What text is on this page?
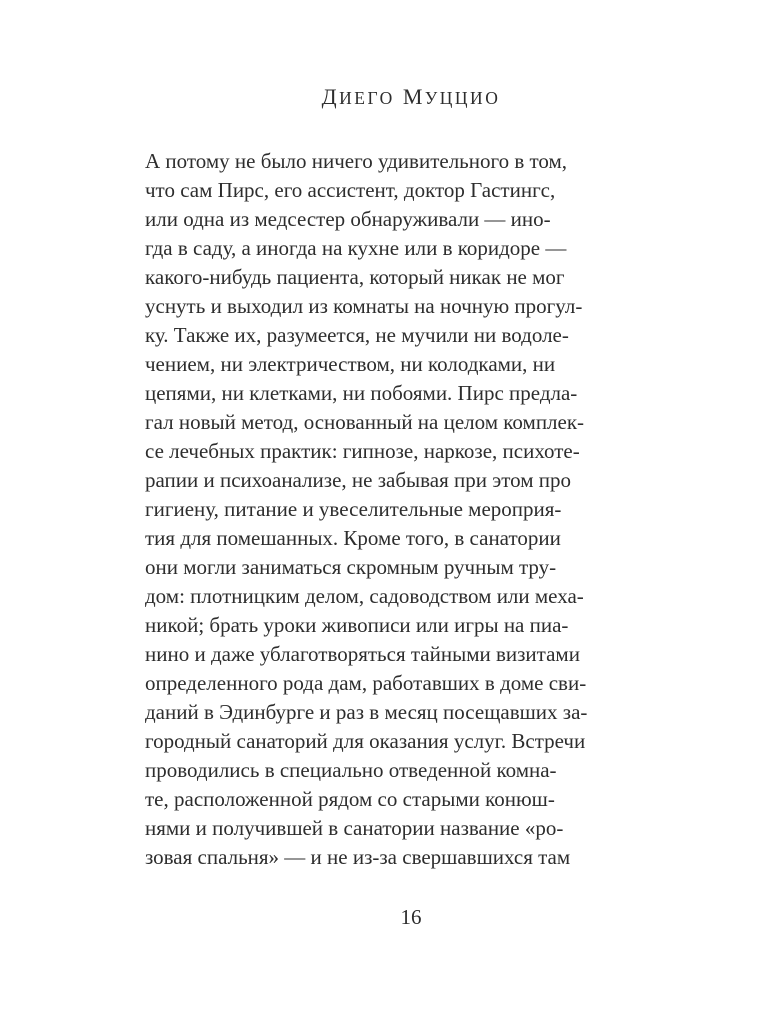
ДИЕГО МУЦЦИО
А потому не было ничего удивительного в том,
что сам Пирс, его ассистент, доктор Гастингс,
или одна из медсестер обнаруживали — ино-
гда в саду, а иногда на кухне или в коридоре —
какого-нибудь пациента, который никак не мог
уснуть и выходил из комнаты на ночную прогул-
ку. Также их, разумеется, не мучили ни водоле-
чением, ни электричеством, ни колодками, ни
цепями, ни клетками, ни побоями. Пирс предла-
гал новый метод, основанный на целом комплек-
се лечебных практик: гипнозе, наркозе, психоте-
рапии и психоанализе, не забывая при этом про
гигиену, питание и увеселительные мероприя-
тия для помешанных. Кроме того, в санатории
они могли заниматься скромным ручным тру-
дом: плотницким делом, садоводством или меха-
никой; брать уроки живописи или игры на пиа-
нино и даже ублаготворяться тайными визитами
определенного рода дам, работавших в доме сви-
даний в Эдинбурге и раз в месяц посещавших за-
городный санаторий для оказания услуг. Встречи
проводились в специально отведенной комна-
те, расположенной рядом со старыми конюш-
нями и получившей в санатории название «ро-
зовая спальня» — и не из-за свершавшихся там
16
